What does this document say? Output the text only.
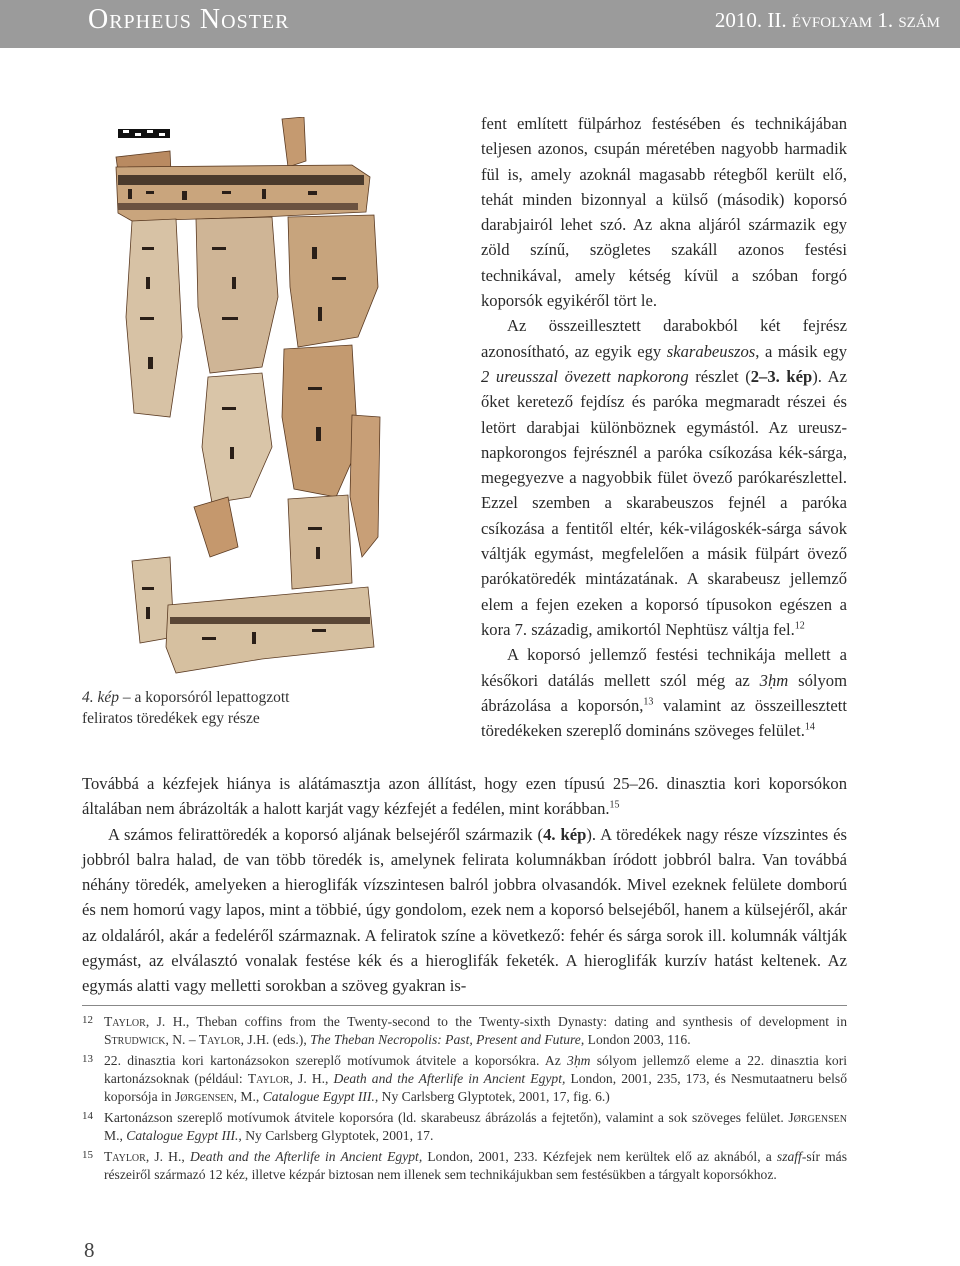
Orpheus Noster	2010. II. évfolyam 1. szám
4. kép – a koporsóról lepattogzott feliratos töredékek egy része

fent említett fülpárhoz festésében és technikájában teljesen azonos, csupán méretében nagyobb harmadik fül is, amely azoknál magasabb rétegből került elő, tehát minden bizonnyal a külső (második) koporsó darabjairól lehet szó. Az akna aljáról származik egy zöld színű, szögletes szakáll azonos festési technikával, amely kétség kívül a szóban forgó koporsók egyikéről tört le.

Az összeillesztett darabokból két fejrész azonosítható, az egyik egy skarabeuszos, a másik egy 2 ureusszal övezett napkorong részlet (2–3. kép). Az őket keretező fejdísz és paróka megmaradt részei és letört darabjai különböznek egymástól. Az ureusz-napkorongos fejrésznél a paróka csíkozása kék-sárga, megegyezve a nagyobbik fület övező parókarészlettel. Ezzel szemben a skarabeuszos fejnél a paróka csíkozása a fentitől eltér, kék-világoskék-sárga sávok váltják egymást, megfelelően a másik fülpárt övező parókatöredék mintázatának. A skarabeusz jellemző elem a fejen ezeken a koporsó típusokon egészen a kora 7. századig, amikortól Nephtüsz váltja fel.$^{12}$

A koporsó jellemző festési technikája mellett a későkori datálás mellett szól még az 3ḥm sólyom ábrázolása a koporsón,$^{13}$ valamint az összeillesztett töredékeken szereplő domináns szöveges felület.$^{14}$

Továbbá a kézfejek hiánya is alátámasztja azon állítást, hogy ezen típusú 25–26. dinasztia kori koporsókon általában nem ábrázolták a halott karját vagy kézfejét a fedélen, mint korábban.$^{15}$

A számos felirattöredék a koporsó aljának belsejéről származik (4. kép). A töredékek nagy része vízszintes és jobbról balra halad, de van több töredék is, amelynek felirata kolumnákban íródott jobbról balra. Van továbbá néhány töredék, amelyeken a hieroglifák vízszintesen balról jobbra olvasandók. Mivel ezeknek felülete domború és nem homorú vagy lapos, mint a többié, úgy gondolom, ezek nem a koporsó belsejéből, hanem a külsejéről, akár az oldaláról, akár a fedeléről származnak. A feliratok színe a következő: fehér és sárga sorok ill. kolumnák váltják egymást, az elválasztó vonalak festése kék és a hieroglifák feketék. A hieroglifák kurzív hatást keltenek. Az egymás alatti vagy melletti sorokban a szöveg gyakran is-

12 Taylor, J. H., Theban coffins from the Twenty-second to the Twenty-sixth Dynasty: dating and synthesis of development in Strudwick, N. – Taylor, J.H. (eds.), The Theban Necropolis: Past, Present and Future, London 2003, 116.
13 22. dinasztia kori kartonázsokon szereplő motívumok átvitele a koporsókra. Az 3ḥm sólyom jellemző eleme a 22. dinasztia kori kartonázsoknak (például: Taylor, J. H., Death and the Afterlife in Ancient Egypt, London, 2001, 235, 173, és Nesmutaatneru belső koporsója in Jørgensen, M., Catalogue Egypt III., Ny Carlsberg Glyptotek, 2001, 17, fig. 6.)
14 Kartonázson szereplő motívumok átvitele koporsóra (ld. skarabeusz ábrázolás a fejtetőn), valamint a sok szöveges felület. Jørgensen M., Catalogue Egypt III., Ny Carlsberg Glyptotek, 2001, 17.
15 Taylor, J. H., Death and the Afterlife in Ancient Egypt, London, 2001, 233. Kézfejek nem kerültek elő az aknából, a szaff-sír más részeiről származó 12 kéz, illetve kézpár biztosan nem illenek sem technikájukban sem festésükben a tárgyalt koporsókhoz.
8
